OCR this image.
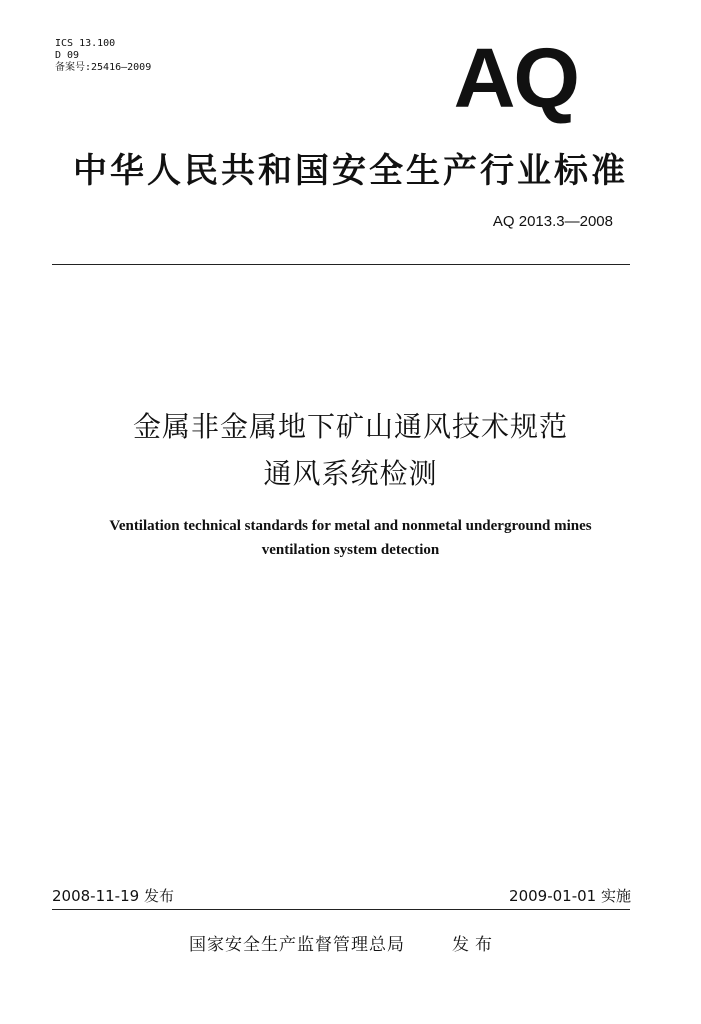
ICS 13.100
D 09
备案号:25416—2009	AQ
中华人民共和国安全生产行业标准
AQ 2013.3—2008
金属非金属地下矿山通风技术规范
通风系统检测
Ventilation technical standards for metal and nonmetal underground mines
ventilation system detection
2008-11-19 发布	2009-01-01 实施
国家安全生产监督管理总局	发布
